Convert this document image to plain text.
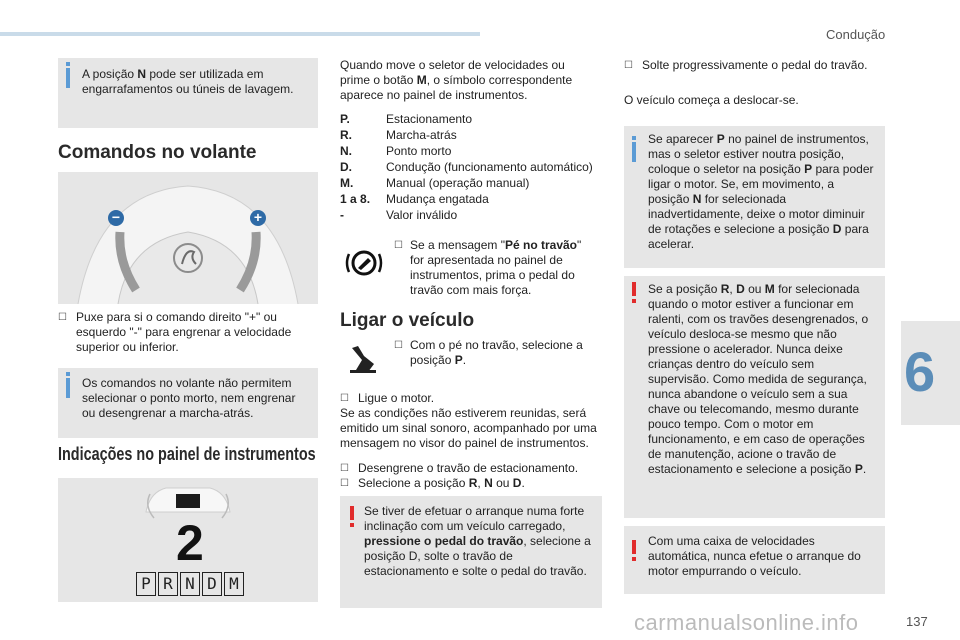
Condução
6
A posição N pode ser utilizada em engarrafamentos ou túneis de lavagem.
Comandos no volante
−	+
☐ Puxe para si o comando direito "+" ou esquerdo "-" para engrenar a velocidade superior ou inferior.
Os comandos no volante não permitem selecionar o ponto morto, nem engrenar ou desengrenar a marcha-atrás.
Indicações no painel de instrumentos
2
P R N D M
Quando move o seletor de velocidades ou prime o botão M, o símbolo correspondente aparece no painel de instrumentos.
P.	Estacionamento
R.	Marcha-atrás
N.	Ponto morto
D.	Condução (funcionamento automático)
M.	Manual (operação manual)
1 a 8. Mudança engatada
-	Valor inválido
☐ Se a mensagem "Pé no travão" for apresentada no painel de instrumentos, prima o pedal do travão com mais força.
Ligar o veículo
☐ Com o pé no travão, selecione a posição P.
☐ Ligue o motor.
Se as condições não estiverem reunidas, será emitido um sinal sonoro, acompanhado por uma mensagem no visor do painel de instrumentos.
☐ Desengrene o travão de estacionamento.
☐ Selecione a posição R, N ou D.
Se tiver de efetuar o arranque numa forte inclinação com um veículo carregado, pressione o pedal do travão, selecione a posição D, solte o travão de estacionamento e solte o pedal do travão.
☐ Solte progressivamente o pedal do travão.
O veículo começa a deslocar-se.
Se aparecer P no painel de instrumentos, mas o seletor estiver noutra posição, coloque o seletor na posição P para poder ligar o motor. Se, em movimento, a posição N for selecionada inadvertidamente, deixe o motor diminuir de rotações e selecione a posição D para acelerar.
Se a posição R, D ou M for selecionada quando o motor estiver a funcionar em ralenti, com os travões desengrenados, o veículo desloca-se mesmo que não pressione o acelerador. Nunca deixe crianças dentro do veículo sem supervisão. Como medida de segurança, nunca abandone o veículo sem a sua chave ou telecomando, mesmo durante pouco tempo. Com o motor em funcionamento, e em caso de operações de manutenção, acione o travão de estacionamento e selecione a posição P.
Com uma caixa de velocidades automática, nunca efetue o arranque do motor empurrando o veículo.
carmanualsonline.info	137
